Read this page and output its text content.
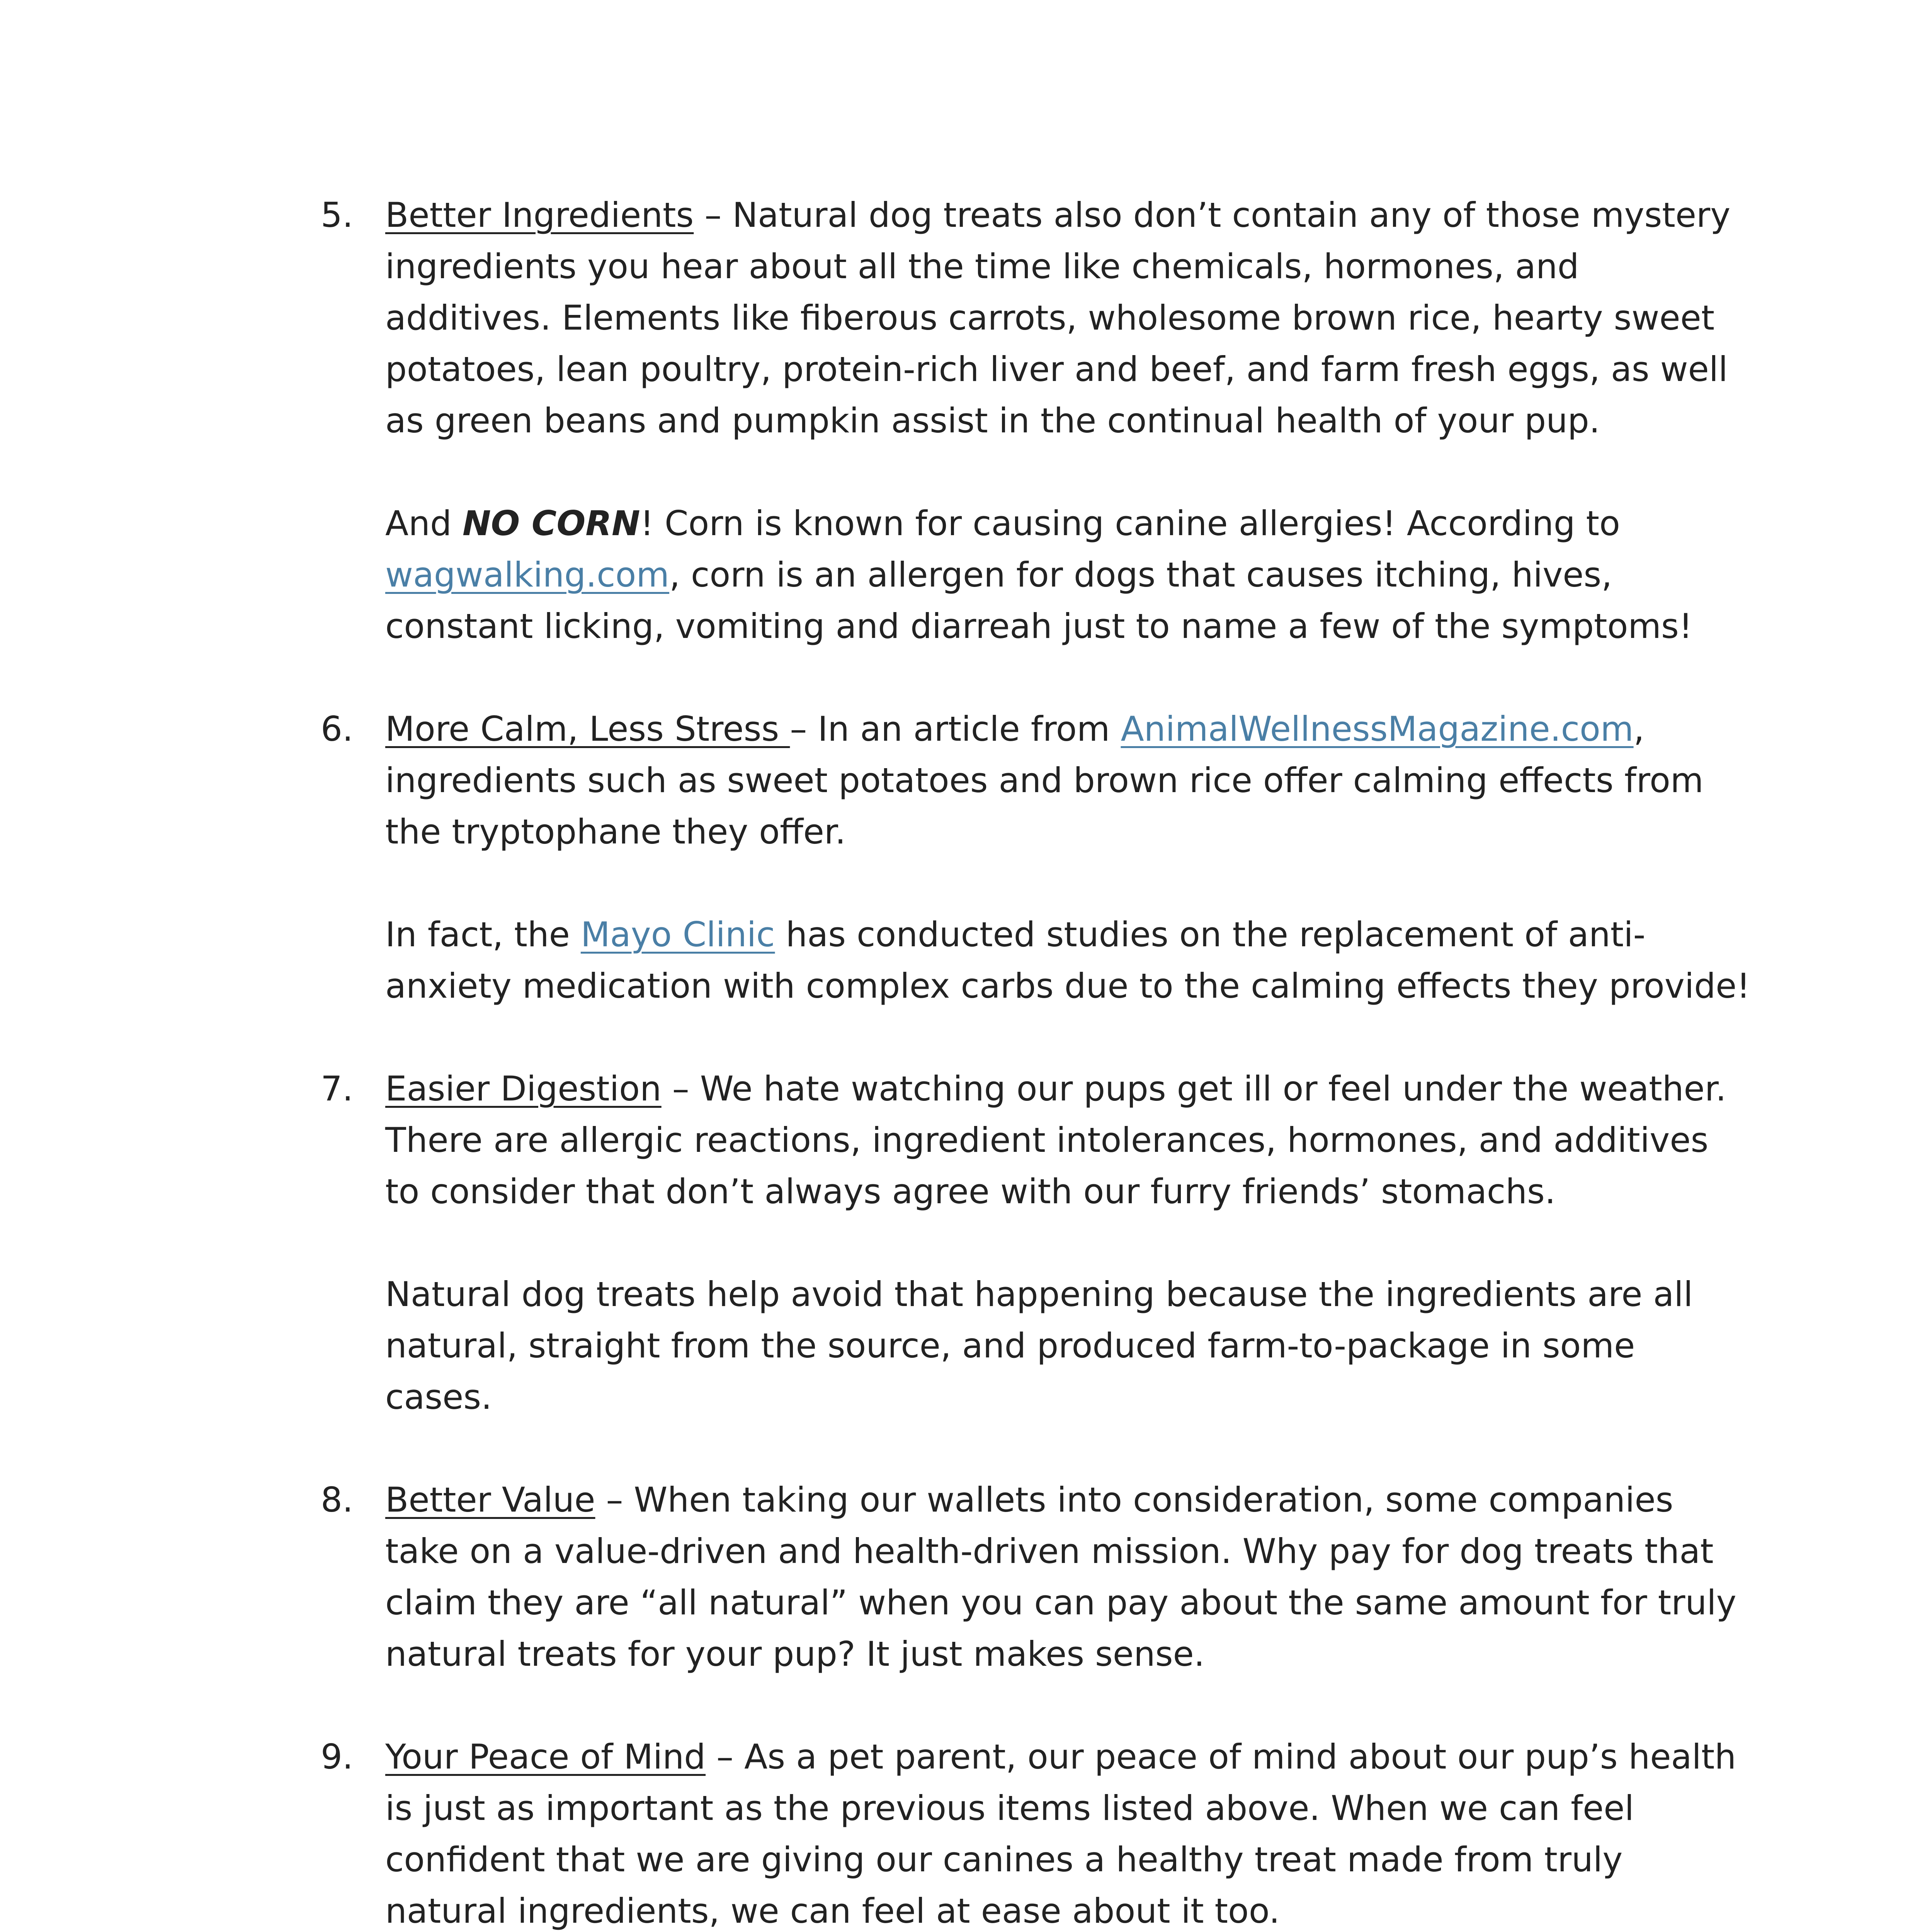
5. Better Ingredients – Natural dog treats also don’t contain any of those mystery ingredients you hear about all the time like chemicals, hormones, and additives. Elements like fiberous carrots, wholesome brown rice, hearty sweet potatoes, lean poultry, protein-rich liver and beef, and farm fresh eggs, as well as green beans and pumpkin assist in the continual health of your pup.

And NO CORN! Corn is known for causing canine allergies! According to wagwalking.com, corn is an allergen for dogs that causes itching, hives, constant licking, vomiting and diarreah just to name a few of the symptoms!

6. More Calm, Less Stress – In an article from AnimalWellnessMagazine.com, ingredients such as sweet potatoes and brown rice offer calming effects from the tryptophane they offer.

In fact, the Mayo Clinic has conducted studies on the replacement of anti-anxiety medication with complex carbs due to the calming effects they provide!

7. Easier Digestion – We hate watching our pups get ill or feel under the weather. There are allergic reactions, ingredient intolerances, hormones, and additives to consider that don’t always agree with our furry friends’ stomachs.

Natural dog treats help avoid that happening because the ingredients are all natural, straight from the source, and produced farm-to-package in some cases.

8. Better Value – When taking our wallets into consideration, some companies take on a value-driven and health-driven mission. Why pay for dog treats that claim they are “all natural” when you can pay about the same amount for truly natural treats for your pup? It just makes sense.

9. Your Peace of Mind – As a pet parent, our peace of mind about our pup’s health is just as important as the previous items listed above. When we can feel confident that we are giving our canines a healthy treat made from truly natural ingredients, we can feel at ease about it too.
